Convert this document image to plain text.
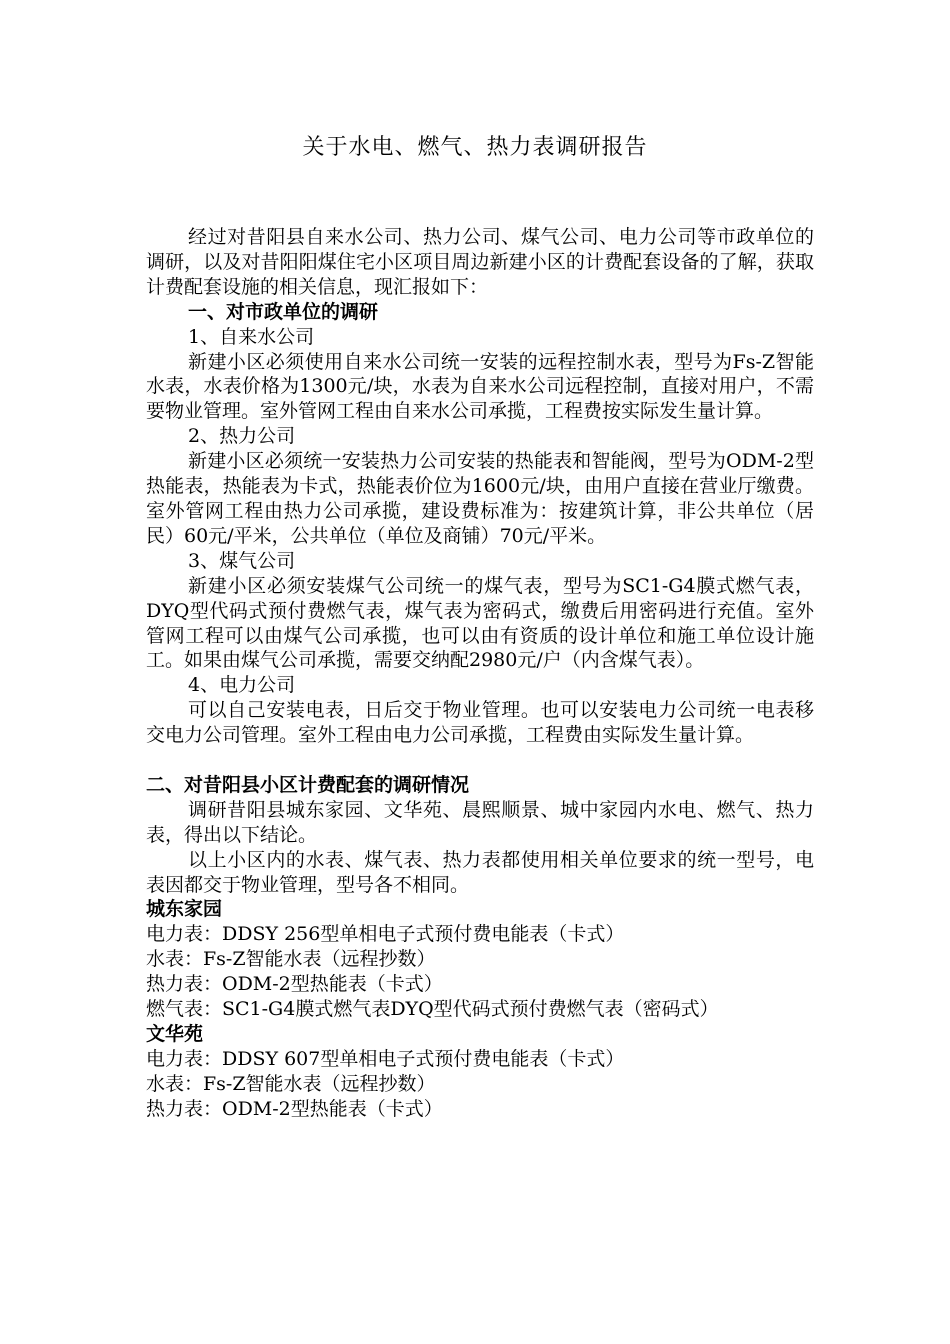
关于水电、燃气、热力表调研报告

经过对昔阳县自来水公司、热力公司、煤气公司、电力公司等市政单位的调研，以及对昔阳阳煤住宅小区项目周边新建小区的计费配套设备的了解，获取计费配套设施的相关信息，现汇报如下：

一、对市政单位的调研

1、自来水公司

新建小区必须使用自来水公司统一安装的远程控制水表，型号为Fs-Z智能水表，水表价格为1300元/块，水表为自来水公司远程控制，直接对用户，不需要物业管理。室外管网工程由自来水公司承揽，工程费按实际发生量计算。

2、热力公司

新建小区必须统一安装热力公司安装的热能表和智能阀，型号为ODM-2型热能表，热能表为卡式，热能表价位为1600元/块，由用户直接在营业厅缴费。室外管网工程由热力公司承揽，建设费标准为：按建筑计算，非公共单位（居民）60元/平米，公共单位（单位及商铺）70元/平米。

3、煤气公司

新建小区必须安装煤气公司统一的煤气表，型号为SC1-G4膜式燃气表，DYQ型代码式预付费燃气表，煤气表为密码式，缴费后用密码进行充值。室外管网工程可以由煤气公司承揽，也可以由有资质的设计单位和施工单位设计施工。如果由煤气公司承揽，需要交纳配2980元/户（内含煤气表）。

4、电力公司

可以自己安装电表，日后交于物业管理。也可以安装电力公司统一电表移交电力公司管理。室外工程由电力公司承揽，工程费由实际发生量计算。

二、对昔阳县小区计费配套的调研情况

调研昔阳县城东家园、文华苑、晨熙顺景、城中家园内水电、燃气、热力表，得出以下结论。

以上小区内的水表、煤气表、热力表都使用相关单位要求的统一型号，电表因都交于物业管理，型号各不相同。

城东家园

电力表：DDSY 256型单相电子式预付费电能表（卡式）

水表：Fs-Z智能水表（远程抄数）

热力表：ODM-2型热能表（卡式）

燃气表：SC1-G4膜式燃气表DYQ型代码式预付费燃气表（密码式）

文华苑

电力表：DDSY 607型单相电子式预付费电能表（卡式）

水表：Fs-Z智能水表（远程抄数）

热力表：ODM-2型热能表（卡式）
